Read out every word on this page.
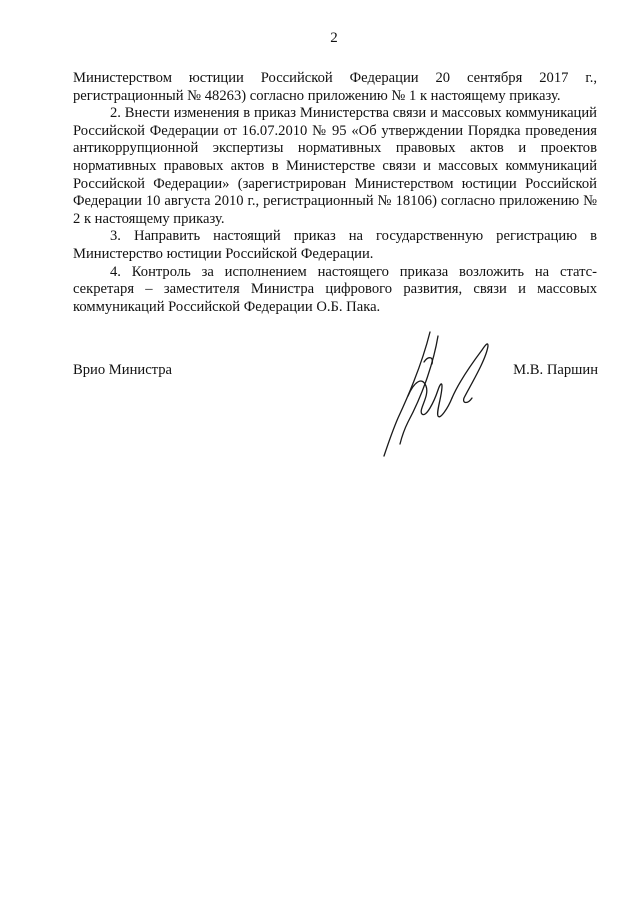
2

Министерством юстиции Российской Федерации 20 сентября 2017 г., регистрационный № 48263) согласно приложению № 1 к настоящему приказу.

2. Внести изменения в приказ Министерства связи и массовых коммуникаций Российской Федерации от 16.07.2010 № 95 «Об утверждении Порядка проведения антикоррупционной экспертизы нормативных правовых актов и проектов нормативных правовых актов в Министерстве связи и массовых коммуникаций Российской Федерации» (зарегистрирован Министерством юстиции Российской Федерации 10 августа 2010 г., регистрационный № 18106) согласно приложению № 2 к настоящему приказу.

3. Направить настоящий приказ на государственную регистрацию в Министерство юстиции Российской Федерации.

4. Контроль за исполнением настоящего приказа возложить на статс-секретаря – заместителя Министра цифрового развития, связи и массовых коммуникаций Российской Федерации О.Б. Пака.

Врио Министра	М.В. Паршин
